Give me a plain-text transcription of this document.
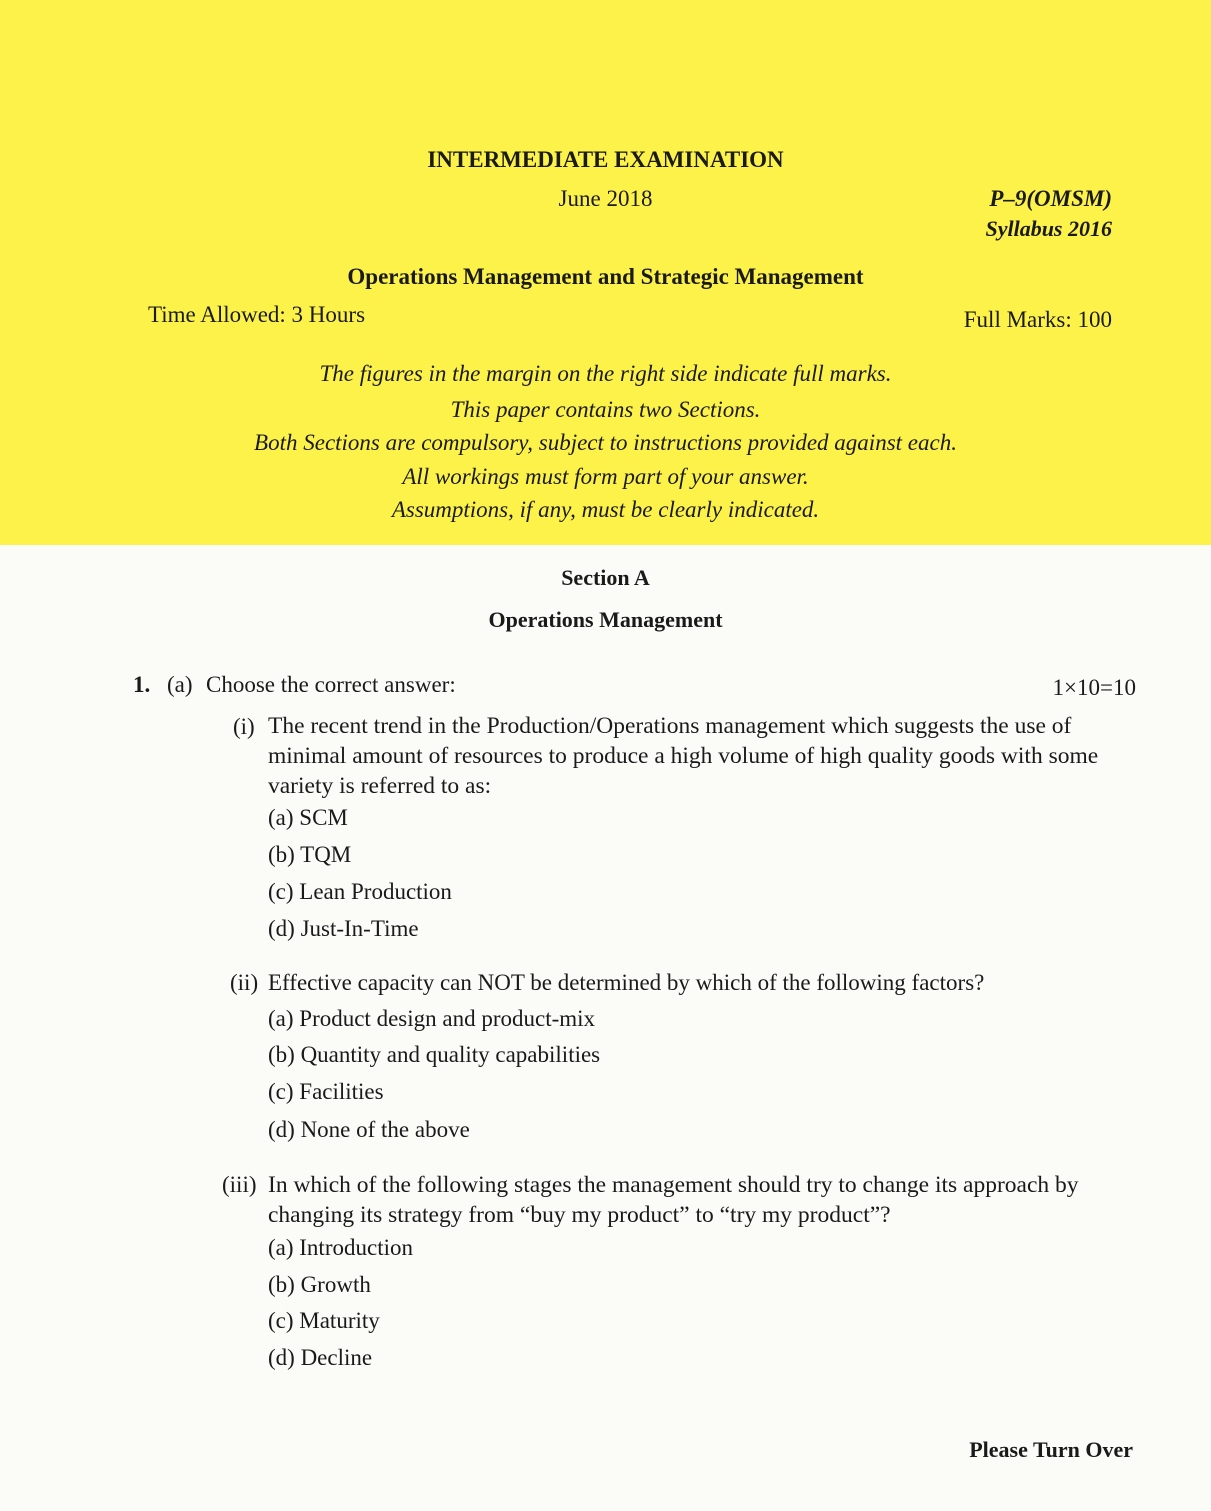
INTERMEDIATE EXAMINATION
June 2018	P–9(OMSM)
Syllabus 2016
Operations Management and Strategic Management
Time Allowed: 3 Hours	Full Marks: 100
The figures in the margin on the right side indicate full marks.
This paper contains two Sections.
Both Sections are compulsory, subject to instructions provided against each.
All workings must form part of your answer.
Assumptions, if any, must be clearly indicated.
Section A
Operations Management
1. (a) Choose the correct answer:	1×10=10
(i) The recent trend in the Production/Operations management which suggests the use of minimal amount of resources to produce a high volume of high quality goods with some variety is referred to as:
(a) SCM
(b) TQM
(c) Lean Production
(d) Just-In-Time
(ii) Effective capacity can NOT be determined by which of the following factors?
(a) Product design and product-mix
(b) Quantity and quality capabilities
(c) Facilities
(d) None of the above
(iii) In which of the following stages the management should try to change its approach by changing its strategy from “buy my product” to “try my product”?
(a) Introduction
(b) Growth
(c) Maturity
(d) Decline
Please Turn Over
